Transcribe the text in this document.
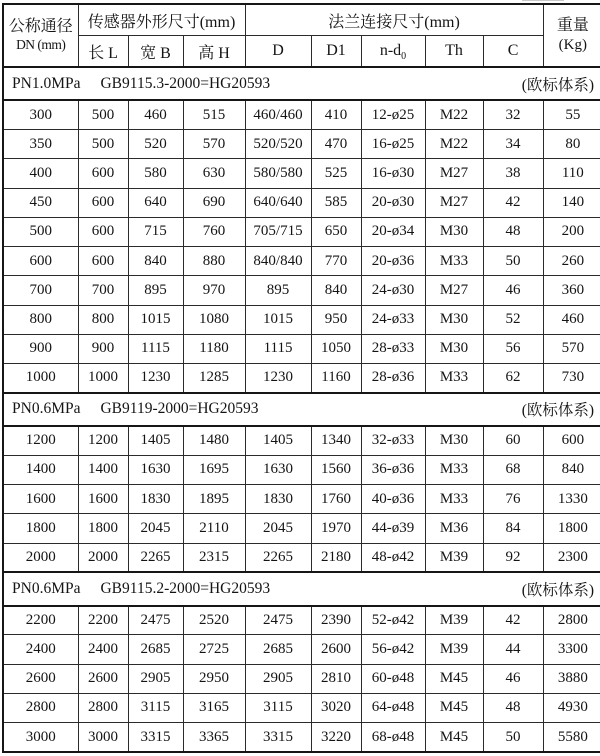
公称通径
DN (mm)	传感器外形尺寸(mm)			法兰连接尺寸(mm)					重量
(Kg)

	长 L	宽 B	高 H	D	D1	$n-d_0$	Th	C	

PN1.0MPa GB9115.3-2000=HG20593 (欧标体系)									

300	500	460	515	460/460	410	12-ø25	M22	32	55
350	500	520	570	520/520	470	16-ø25	M22	34	80
400	600	580	630	580/580	525	16-ø30	M27	38	110
450	600	640	690	640/640	585	20-ø30	M27	42	140
500	600	715	760	705/715	650	20-ø34	M30	48	200
600	600	840	880	840/840	770	20-ø36	M33	50	260
700	700	895	970	895	840	24-ø30	M27	46	360
800	800	1015	1080	1015	950	24-ø33	M30	52	460
900	900	1115	1180	1115	1050	28-ø33	M30	56	570
1000	1000	1230	1285	1230	1160	28-ø36	M33	62	730

PN0.6MPa GB9119-2000=HG20593 (欧标体系)									

1200	1200	1405	1480	1405	1340	32-ø33	M30	60	600
1400	1400	1630	1695	1630	1560	36-ø36	M33	68	840
1600	1600	1830	1895	1830	1760	40-ø36	M33	76	1330
1800	1800	2045	2110	2045	1970	44-ø39	M36	84	1800
2000	2000	2265	2315	2265	2180	48-ø42	M39	92	2300

PN0.6MPa GB9115.2-2000=HG20593 (欧标体系)									

2200	2200	2475	2520	2475	2390	52-ø42	M39	42	2800
2400	2400	2685	2725	2685	2600	56-ø42	M39	44	3300
2600	2600	2905	2950	2905	2810	60-ø48	M45	46	3880
2800	2800	3115	3165	3115	3020	64-ø48	M45	48	4930
3000	3000	3315	3365	3315	3220	68-ø48	M45	50	5580
